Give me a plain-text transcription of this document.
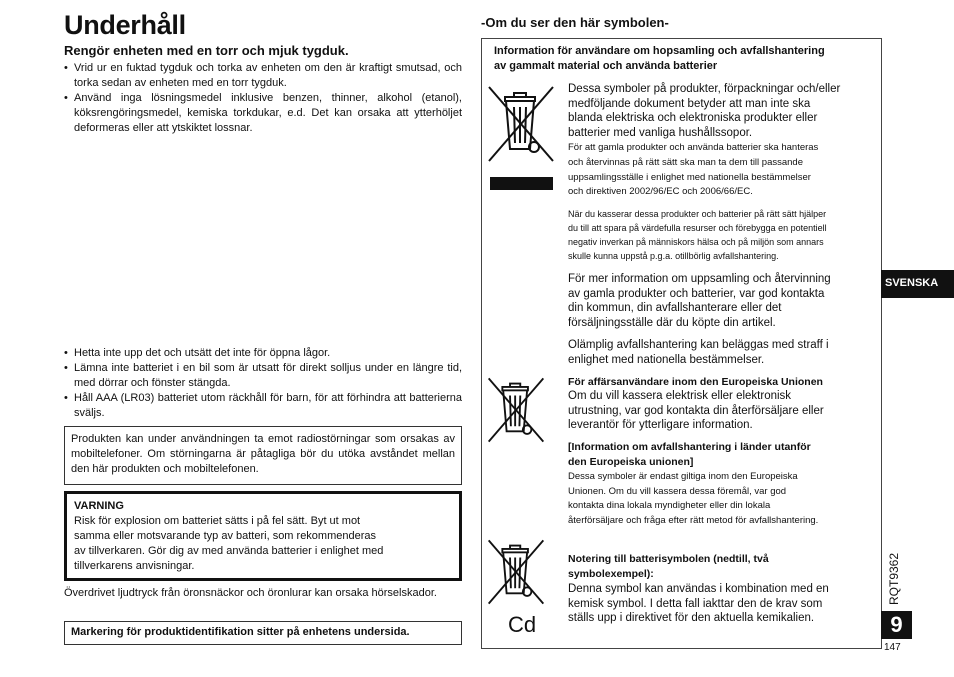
Underhåll
Rengör enheten med en torr och mjuk tygduk.
• Vrid ur en fuktad tygduk och torka av enheten om den är kraftigt smutsad, och torka sedan av enheten med en torr tygduk.
• Använd inga lösningsmedel inklusive benzen, thinner, alkohol (etanol), köksrengöringsmedel, kemiska torkdukar, e.d. Det kan orsaka att ytterhöljet deformeras eller att ytskiktet lossnar.
• Hetta inte upp det och utsätt det inte för öppna lågor.
• Lämna inte batteriet i en bil som är utsatt för direkt solljus under en längre tid, med dörrar och fönster stängda.
• Håll AAA (LR03) batteriet utom räckhåll för barn, för att förhindra att batterierna sväljs.
Produkten kan under användningen ta emot radiostörningar som orsakas av mobiltelefoner. Om störningarna är påtagliga bör du utöka avståndet mellan den här produkten och mobiltelefonen.
VARNING
Risk för explosion om batteriet sätts i på fel sätt. Byt ut mot
samma eller motsvarande typ av batteri, som rekommenderas
av tillverkaren. Gör dig av med använda batterier i enlighet med
tillverkarens anvisningar.
Överdrivet ljudtryck från öronsnäckor och öronlurar kan orsaka hörselskador.
Markering för produktidentifikation sitter på enhetens undersida.
-Om du ser den här symbolen-
Information för användare om hopsamling och avfallshantering
av gammalt material och använda batterier
Dessa symboler på produkter, förpackningar och/eller
medföljande dokument betyder att man inte ska
blanda elektriska och elektroniska produkter eller
batterier med vanliga hushållssopor.
För att gamla produkter och använda batterier ska hanteras
och återvinnas på rätt sätt ska man ta dem till passande
uppsamlingsställe i enlighet med nationella bestämmelser
och direktiven 2002/96/EC och 2006/66/EC.
När du kasserar dessa produkter och batterier på rätt sätt hjälper
du till att spara på värdefulla resurser och förebygga en potentiell
negativ inverkan på människors hälsa och på miljön som annars
skulle kunna uppstå p.g.a. otillbörlig avfallshantering.
För mer information om uppsamling och återvinning
av gamla produkter och batterier, var god kontakta
din kommun, din avfallshanterare eller det
försäljningsställe där du köpte din artikel.
Olämplig avfallshantering kan beläggas med straff i
enlighet med nationella bestämmelser.
För affärsanvändare inom den Europeiska Unionen
Om du vill kassera elektrisk eller elektronisk
utrustning, var god kontakta din återförsäljare eller
leverantör för ytterligare information.
[Information om avfallshantering i länder utanför
den Europeiska unionen]
Dessa symboler är endast giltiga inom den Europeiska
Unionen. Om du vill kassera dessa föremål, var god
kontakta dina lokala myndigheter eller din lokala
återförsäljare och fråga efter rätt metod för avfallshantering.
Cd
Notering till batterisymbolen (nedtill, två
symbolexempel):
Denna symbol kan användas i kombination med en
kemisk symbol. I detta fall iakttar den de krav som
ställs upp i direktivet för den aktuella kemikalien.
SVENSKA
RQT9362
9
147
